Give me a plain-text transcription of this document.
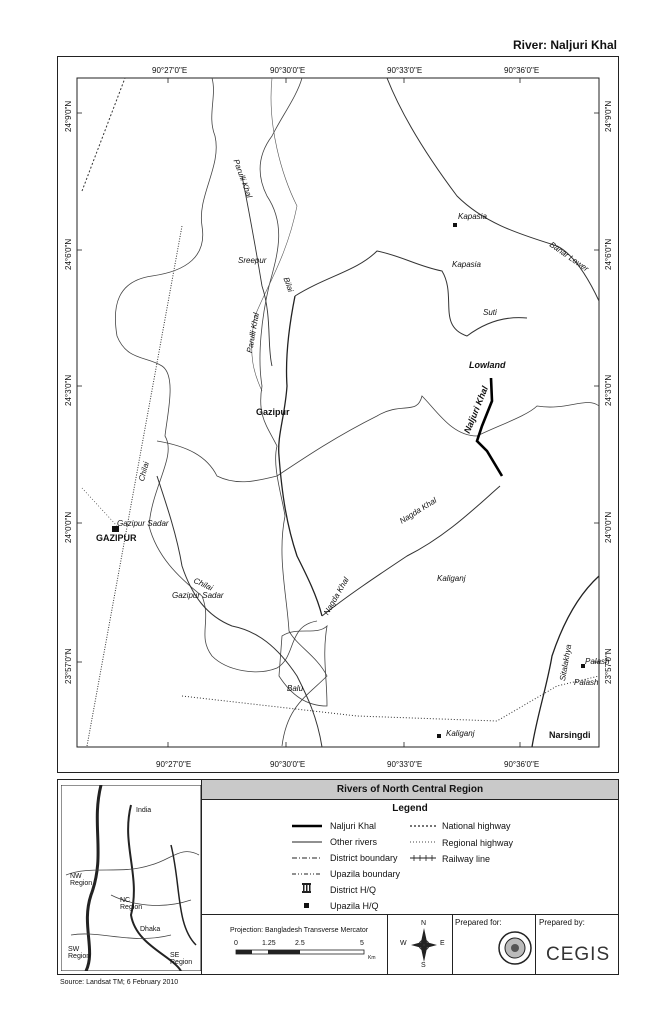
River: Naljuri Khal
90°27'0"E	90°30'0"E	90°33'0"E	90°36'0"E
90°27'0"E	90°30'0"E	90°33'0"E	90°36'0"E
24°9'0"N
24°6'0"N
24°3'0"N
24°0'0"N
23°57'0"N
24°9'0"N
24°6'0"N
24°3'0"N
24°0'0"N
23°57'0"N
Kapasia
Kapasia
Sreepur
Suti
Lowland
Gazipur
Gazipur Sadar
GAZIPUR
Gazipur Sadar
Kaliganj
Kaliganj
Palash
Palash
Narsingdi
Balu
Naljuri Khal
Banar Lower
Parulli Khal
Parulli Khal
Bilai
Chilai
Chilai
Nagda Khal
Nagda Khal
Sitalakhya
India
NW Region
NC Region
SW Region	SE Region
Dhaka
Rivers of North Central Region
Legend
Naljuri Khal
Other rivers
District boundary
Upazila boundary
District H/Q
Upazila H/Q
National highway
Regional highway
Railway line
Projection: Bangladesh Transverse Mercator
0	1.25	2.5	5
Km
N
E
S
W
Prepared for:	Prepared by:
CEGIS
Source: Landsat TM; 6 February 2010
